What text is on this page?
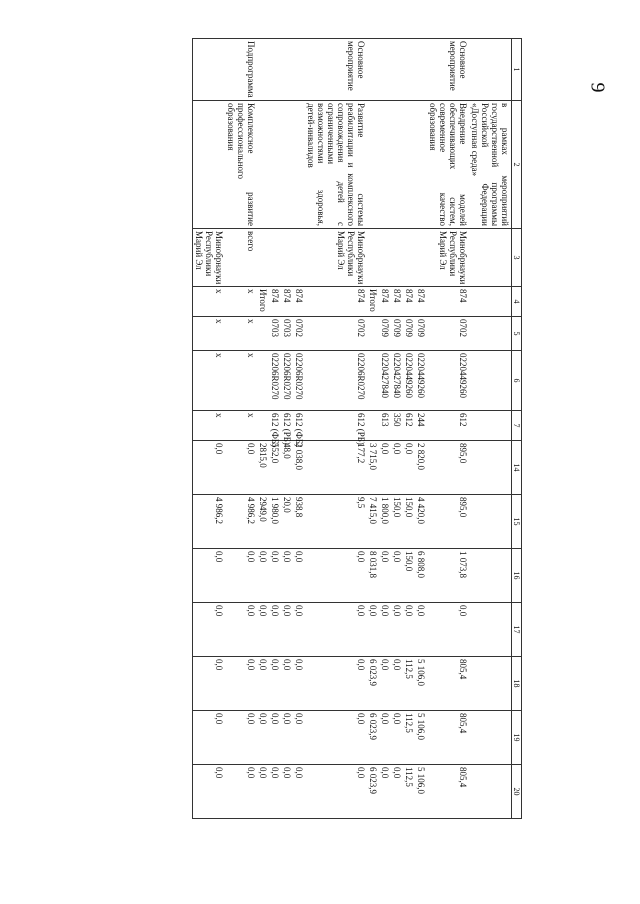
9
1	2	3	4	5	6	7	14	15	16	17	18	19	20
	в рамках мероприятий государственной программы Российской Федерации «Доступная среда»												
Основное мероприятие	Внедрение моделей обеспечивающих систем, современное качество образования	Минобрнауки Республики Марий Эл	874	0702	0220449260	612	895,0	895,0	1 073,8	0,0	805,4	805,4	805,4
			874	0709	0220449260	244	2 820,0	4 420,0	6 808,0	0,0	5 106,0	5 106,0	5 106,0
			874	0709	0220449260	612	0,0	150,0	150,0	0,0	112,5	112,5	112,5
			874	0709	0220427840	350	0,0	150,0	0,0	0,0	0,0	0,0	0,0
			874	0709	0220427840	613	0,0	1 800,0	0,0	0,0	0,0	0,0	0,0
			Итого				3 715,0	7 415,0	8 031,8	0,0	6 023,9	6 023,9	6 023,9
Основное мероприятие	Развитие системы реабилитации и комплексного сопровождения детей с ограниченными возможностями здоровья, детей-инвалидов	Минобрнауки Республики Марий Эл	874	0702	02206R0270	612 (РБ)	177,2	9,5	0,0	0,0	0,0	0,0	0,0
			874	0702	02206R0270	612 (ФБ)	2 038,0	938,8	0,0	0,0	0,0	0,0	0,0
			874	0703	02206R0270	612 (РБ)	48,0	20,0	0,0	0,0	0,0	0,0	0,0
			874	0703	02206R0270	612 (ФБ)	552,0	1 980,0	0,0	0,0	0,0	0,0	0,0
			Итого				2815,0	2949,0	0,0	0,0	0,0	0,0	0,0
Подпрограмма	Комплексное развитие профессионального образования	всего	x	x	x	x	0,0	4 986,2	0,0	0,0	0,0	0,0	0,0
		Минобрнауки Республики Марий Эл	x	x	x	x	0,0	4 986,2	0,0	0,0	0,0	0,0	0,0
